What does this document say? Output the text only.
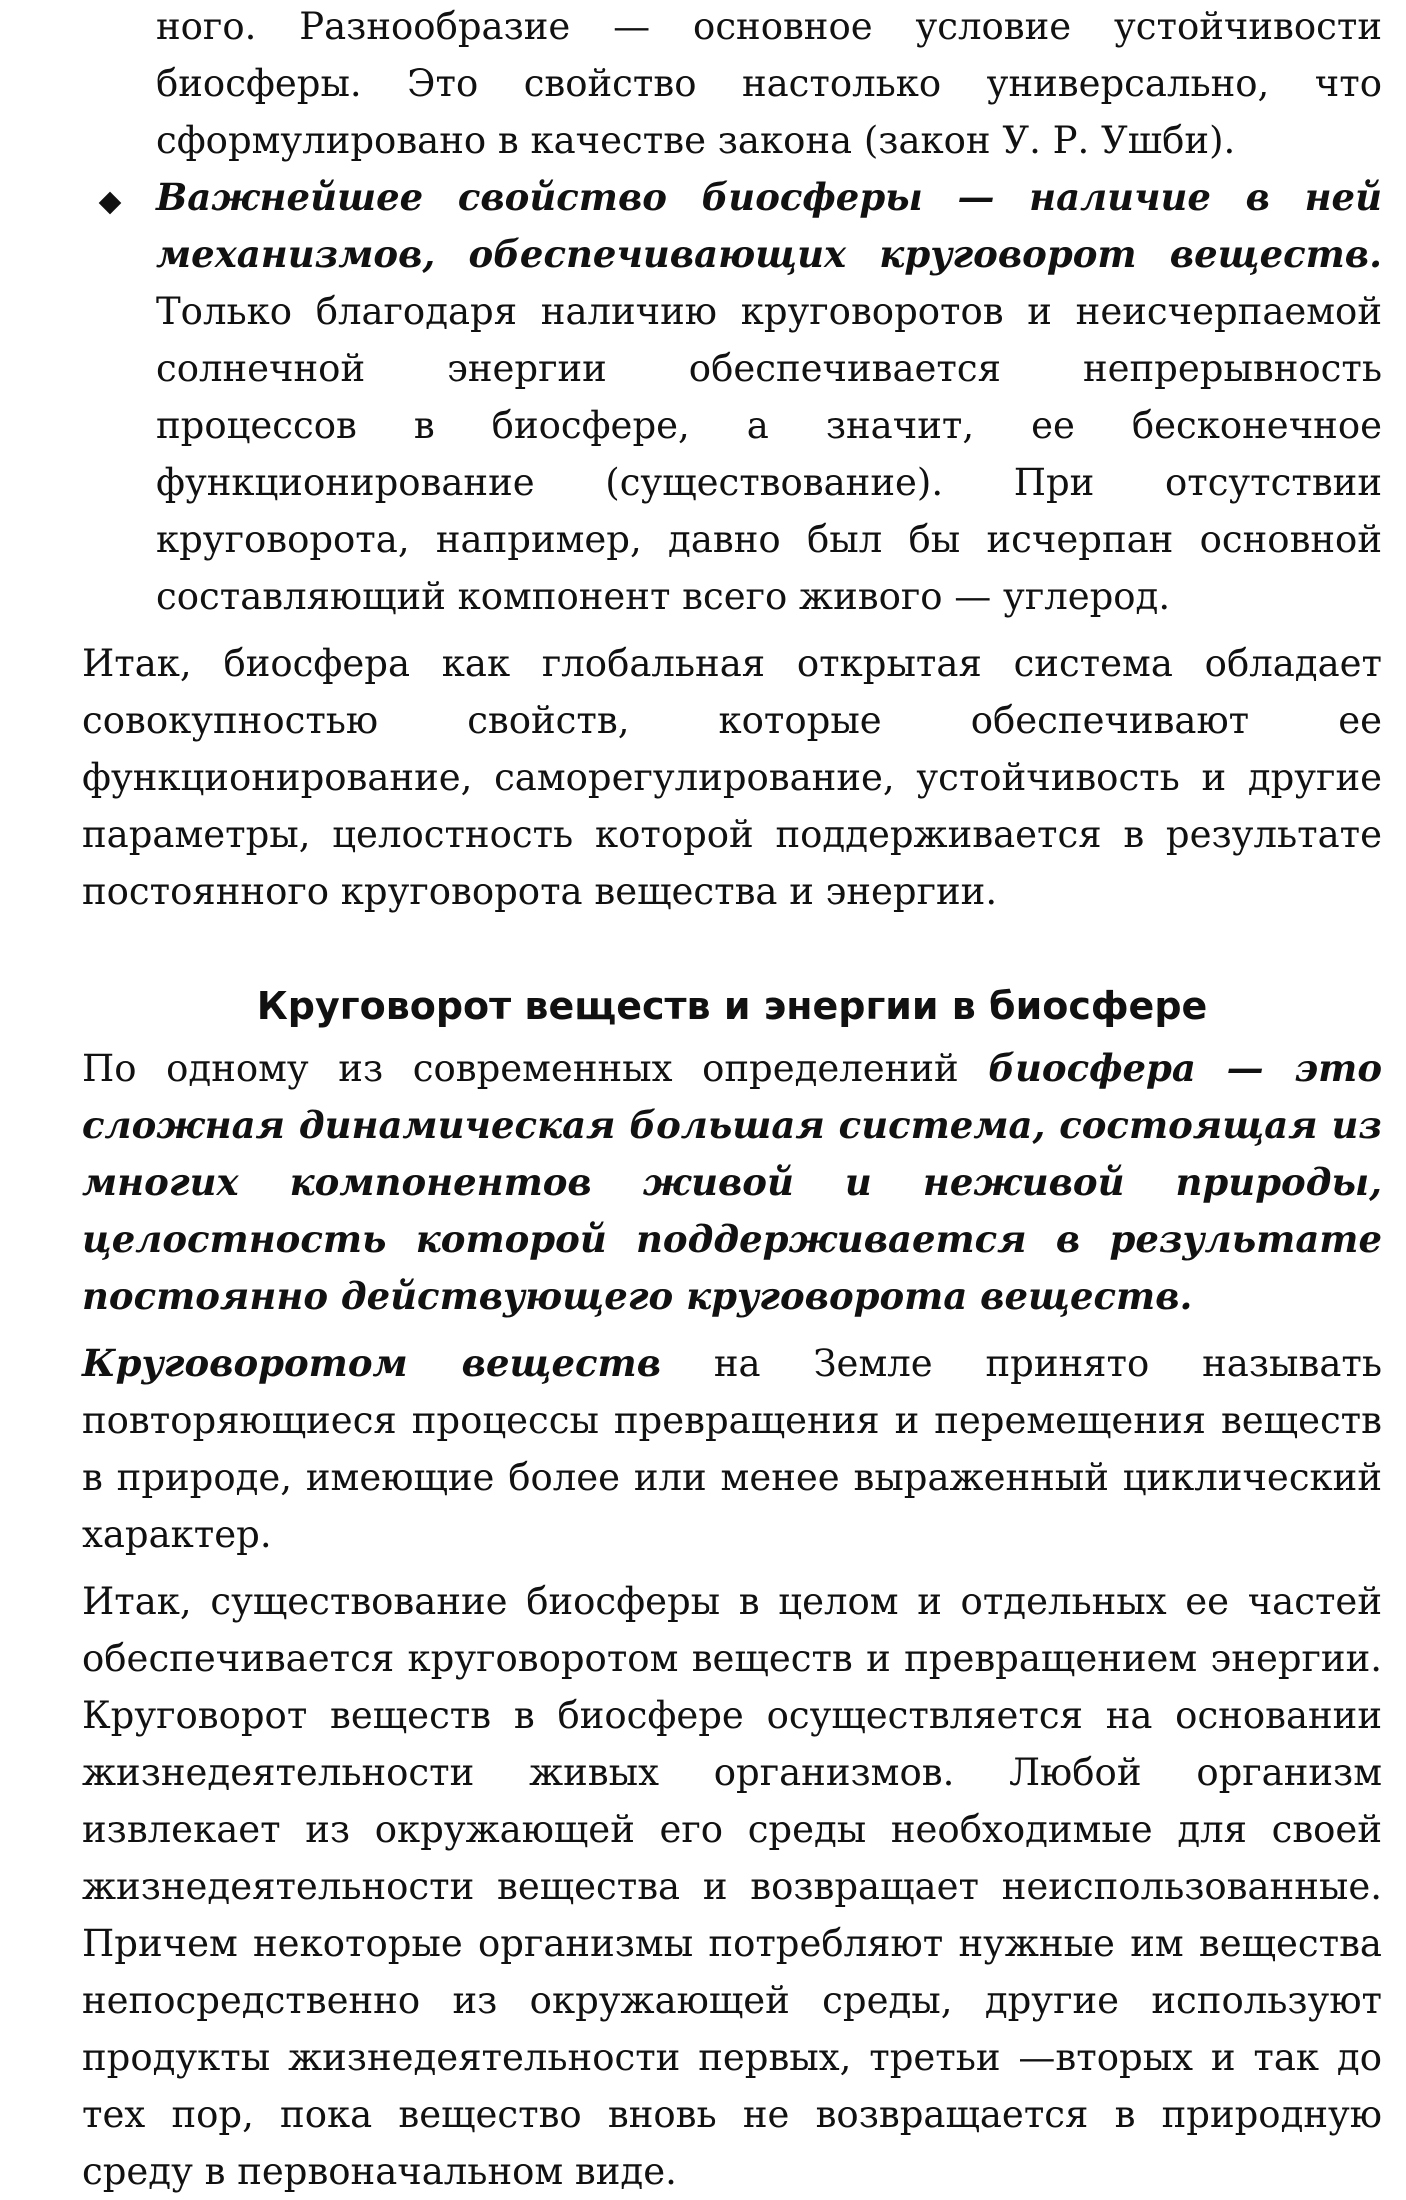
ного. Разнообразие — основное условие устойчивости биосферы. Это свойство настолько универсально, что сформулировано в качестве закона (закон У. Р. Ушби).

Важнейшее свойство биосферы — наличие в ней механизмов, обеспечивающих круговорот веществ. Только благодаря наличию круговоротов и неисчерпаемой солнечной энергии обеспечивается непрерывность процессов в биосфере, а значит, ее бесконечное функционирование (существование). При отсутствии круговорота, например, давно был бы исчерпан основной составляющий компонент всего живого — углерод.

Итак, биосфера как глобальная открытая система обладает совокупностью свойств, которые обеспечивают ее функционирование, саморегулирование, устойчивость и другие параметры, целостность которой поддерживается в результате постоянного круговорота вещества и энергии.

Круговорот веществ и энергии в биосфере

По одному из современных определений биосфера — это сложная динамическая большая система, состоящая из многих компонентов живой и неживой природы, целостность которой поддерживается в результате постоянно действующего круговорота веществ.

Круговоротом веществ на Земле принято называть повторяющиеся процессы превращения и перемещения веществ в природе, имеющие более или менее выраженный циклический характер.

Итак, существование биосферы в целом и отдельных ее частей обеспечивается круговоротом веществ и превращением энергии. Круговорот веществ в биосфере осуществляется на основании жизнедеятельности живых организмов. Любой организм извлекает из окружающей его среды необходимые для своей жизнедеятельности вещества и возвращает неиспользованные. Причем некоторые организмы потребляют нужные им вещества непосредственно из окружающей среды, другие используют продукты жизнедеятельности первых, третьи —вторых и так до тех пор, пока вещество вновь не возвращается в природную среду в первоначальном виде.
